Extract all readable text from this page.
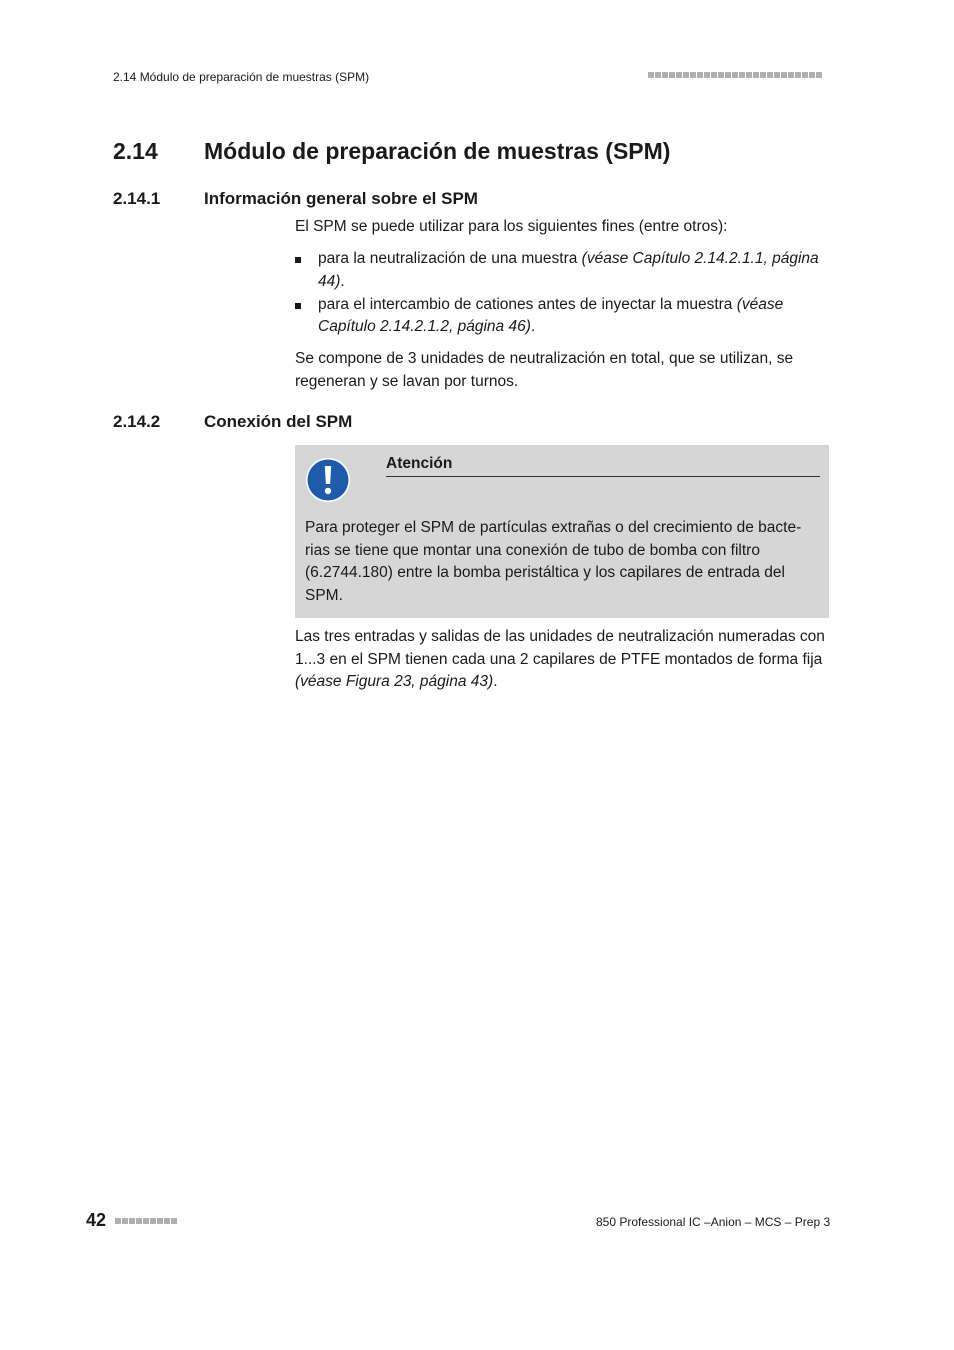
2.14 Módulo de preparación de muestras (SPM)
2.14 Módulo de preparación de muestras (SPM)
2.14.1	Información general sobre el SPM
El SPM se puede utilizar para los siguientes fines (entre otros):
para la neutralización de una muestra (véase Capítulo 2.14.2.1.1, página 44).
para el intercambio de cationes antes de inyectar la muestra (véase Capítulo 2.14.2.1.2, página 46).
Se compone de 3 unidades de neutralización en total, que se utilizan, se regeneran y se lavan por turnos.
2.14.2	Conexión del SPM
Atención
Para proteger el SPM de partículas extrañas o del crecimiento de bacte-rias se tiene que montar una conexión de tubo de bomba con filtro (6.2744.180) entre la bomba peristáltica y los capilares de entrada del SPM.
Las tres entradas y salidas de las unidades de neutralización numeradas con 1...3 en el SPM tienen cada una 2 capilares de PTFE montados de forma fija (véase Figura 23, página 43).
42	850 Professional IC –Anion – MCS – Prep 3
